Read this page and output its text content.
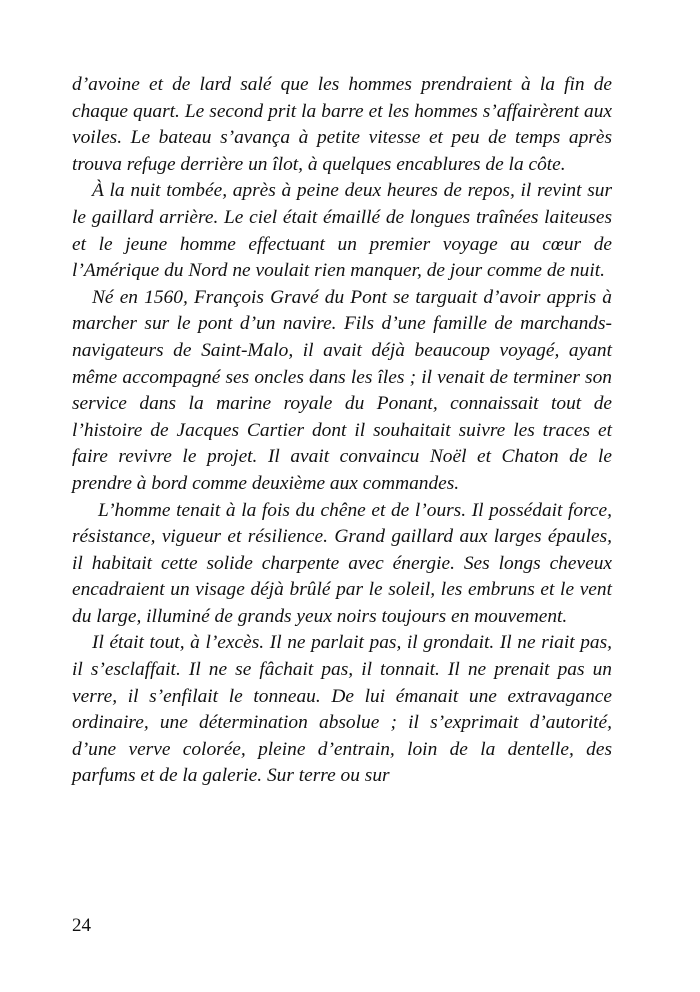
d’avoine et de lard salé que les hommes prendraient à la fin de chaque quart. Le second prit la barre et les hommes s’affairèrent aux voiles. Le bateau s’avança à petite vitesse et peu de temps après trouva refuge derrière un îlot, à quelques encablures de la côte.

À la nuit tombée, après à peine deux heures de repos, il revint sur le gaillard arrière. Le ciel était émaillé de longues traînées laiteuses et le jeune homme effectuant un premier voyage au cœur de l’Amérique du Nord ne voulait rien manquer, de jour comme de nuit.

Né en 1560, François Gravé du Pont se targuait d’avoir appris à marcher sur le pont d’un navire. Fils d’une famille de marchands-navigateurs de Saint-Malo, il avait déjà beaucoup voyagé, ayant même accompagné ses oncles dans les îles ; il venait de terminer son service dans la marine royale du Ponant, connaissait tout de l’histoire de Jacques Cartier dont il souhaitait suivre les traces et faire revivre le projet. Il avait convaincu Noël et Chaton de le prendre à bord comme deuxième aux commandes.

L’homme tenait à la fois du chêne et de l’ours. Il possédait force, résistance, vigueur et résilience. Grand gaillard aux larges épaules, il habitait cette solide charpente avec énergie. Ses longs cheveux encadraient un visage déjà brûlé par le soleil, les embruns et le vent du large, illuminé de grands yeux noirs toujours en mouvement.

Il était tout, à l’excès. Il ne parlait pas, il grondait. Il ne riait pas, il s’esclaffait. Il ne se fâchait pas, il tonnait. Il ne prenait pas un verre, il s’enfilait le tonneau. De lui émanait une extravagance ordinaire, une détermination absolue ; il s’exprimait d’autorité, d’une verve colorée, pleine d’entrain, loin de la dentelle, des parfums et de la galerie. Sur terre ou sur

24
